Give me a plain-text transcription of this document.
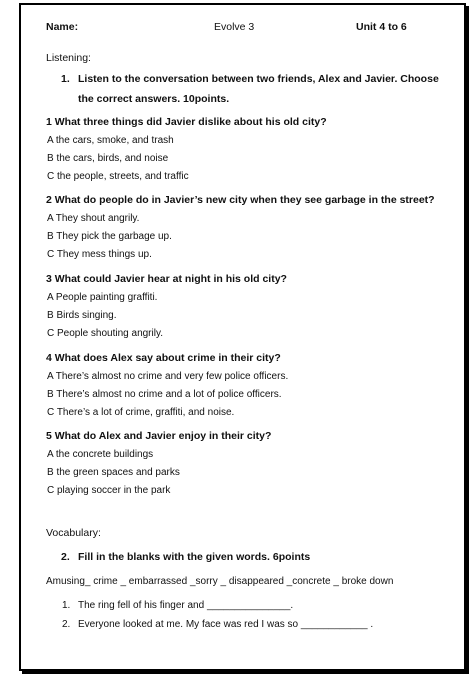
Name:	Evolve 3	Unit 4 to 6
Listening:
1. Listen to the conversation between two friends, Alex and Javier. Choose
the correct answers. 10points.
1 What three things did Javier dislike about his old city?
A the cars, smoke, and trash
B the cars, birds, and noise
C the people, streets, and traffic
2 What do people do in Javier’s new city when they see garbage in the street?
A They shout angrily.
B They pick the garbage up.
C They mess things up.
3 What could Javier hear at night in his old city?
A People painting graffiti.
B Birds singing.
C People shouting angrily.
4 What does Alex say about crime in their city?
A There’s almost no crime and very few police officers.
B There’s almost no crime and a lot of police officers.
C There’s a lot of crime, graffiti, and noise.
5 What do Alex and Javier enjoy in their city?
A the concrete buildings
B the green spaces and parks
C playing soccer in the park
Vocabulary:
2. Fill in the blanks with the given words. 6points
Amusing_ crime _ embarrassed _sorry _ disappeared _concrete _ broke down
1. The ring fell of his finger and _______________.
2. Everyone looked at me. My face was red I was so ____________ .
